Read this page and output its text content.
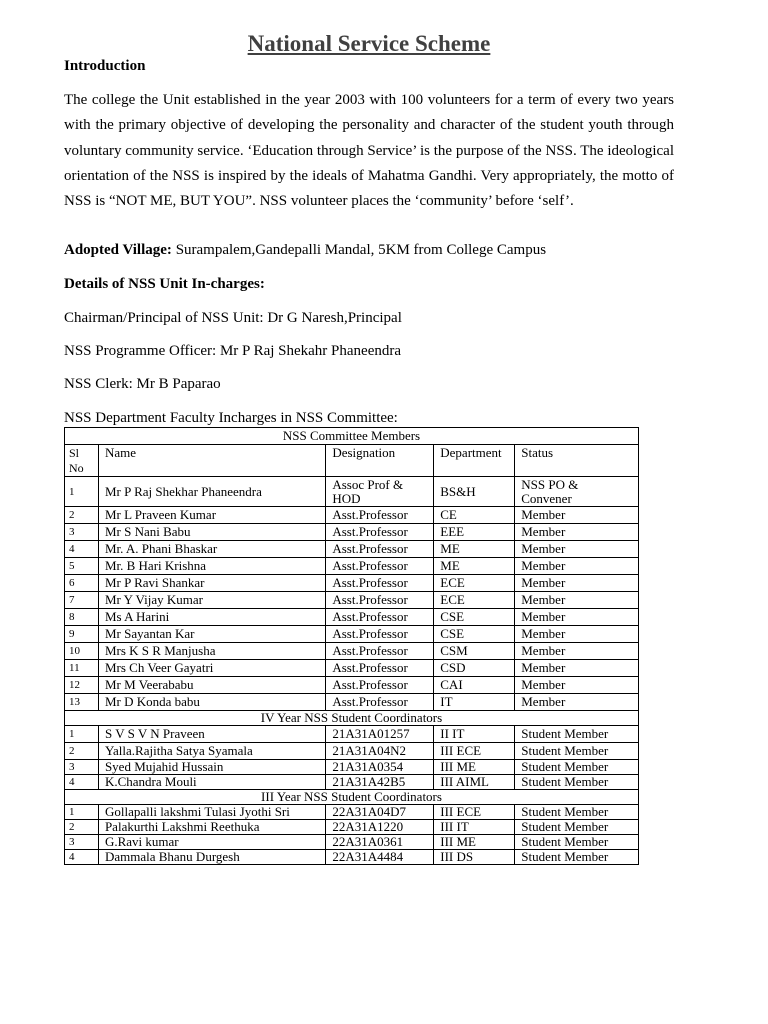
National Service Scheme

Introduction

The college the Unit established in the year 2003 with 100 volunteers for a term of every two years with the primary objective of developing the personality and character of the student youth through voluntary community service. ‘Education through Service’ is the purpose of the NSS. The ideological orientation of the NSS is inspired by the ideals of Mahatma Gandhi. Very appropriately, the motto of NSS is “NOT ME, BUT YOU”. NSS volunteer places the ‘community’ before ‘self’.

Adopted Village: Surampalem,Gandepalli Mandal, 5KM from College Campus

Details of NSS Unit In-charges:

Chairman/Principal of NSS Unit: Dr G Naresh,Principal

NSS Programme Officer: Mr P Raj Shekahr Phaneendra

NSS Clerk: Mr B Paparao

NSS Department Faculty Incharges in NSS Committee:

NSS Committee Members				
Sl No	Name	Designation	Department	Status
1	Mr P Raj Shekhar Phaneendra	Assoc Prof & HOD	BS&H	NSS PO & Convener
2	Mr L Praveen Kumar	Asst.Professor	CE	Member
3	Mr S Nani Babu	Asst.Professor	EEE	Member
4	Mr. A. Phani Bhaskar	Asst.Professor	ME	Member
5	Mr. B Hari Krishna	Asst.Professor	ME	Member
6	Mr P Ravi Shankar	Asst.Professor	ECE	Member
7	Mr Y Vijay Kumar	Asst.Professor	ECE	Member
8	Ms A Harini	Asst.Professor	CSE	Member
9	Mr Sayantan Kar	Asst.Professor	CSE	Member
10	Mrs K S R Manjusha	Asst.Professor	CSM	Member
11	Mrs Ch Veer Gayatri	Asst.Professor	CSD	Member
12	Mr M Veerababu	Asst.Professor	CAI	Member
13	Mr D Konda babu	Asst.Professor	IT	Member
IV Year NSS Student Coordinators				
1	S V S V N Praveen	21A31A01257	II IT	Student Member
2	Yalla.Rajitha Satya Syamala	21A31A04N2	III ECE	Student Member
3	Syed Mujahid Hussain	21A31A0354	III ME	Student Member
4	K.Chandra Mouli	21A31A42B5	III AIML	Student Member
III Year NSS Student Coordinators				
1	Gollapalli lakshmi Tulasi Jyothi Sri	22A31A04D7	III ECE	Student Member
2	Palakurthi Lakshmi Reethuka	22A31A1220	III IT	Student Member
3	G.Ravi kumar	22A31A0361	III ME	Student Member
4	Dammala Bhanu Durgesh	22A31A4484	III DS	Student Member
